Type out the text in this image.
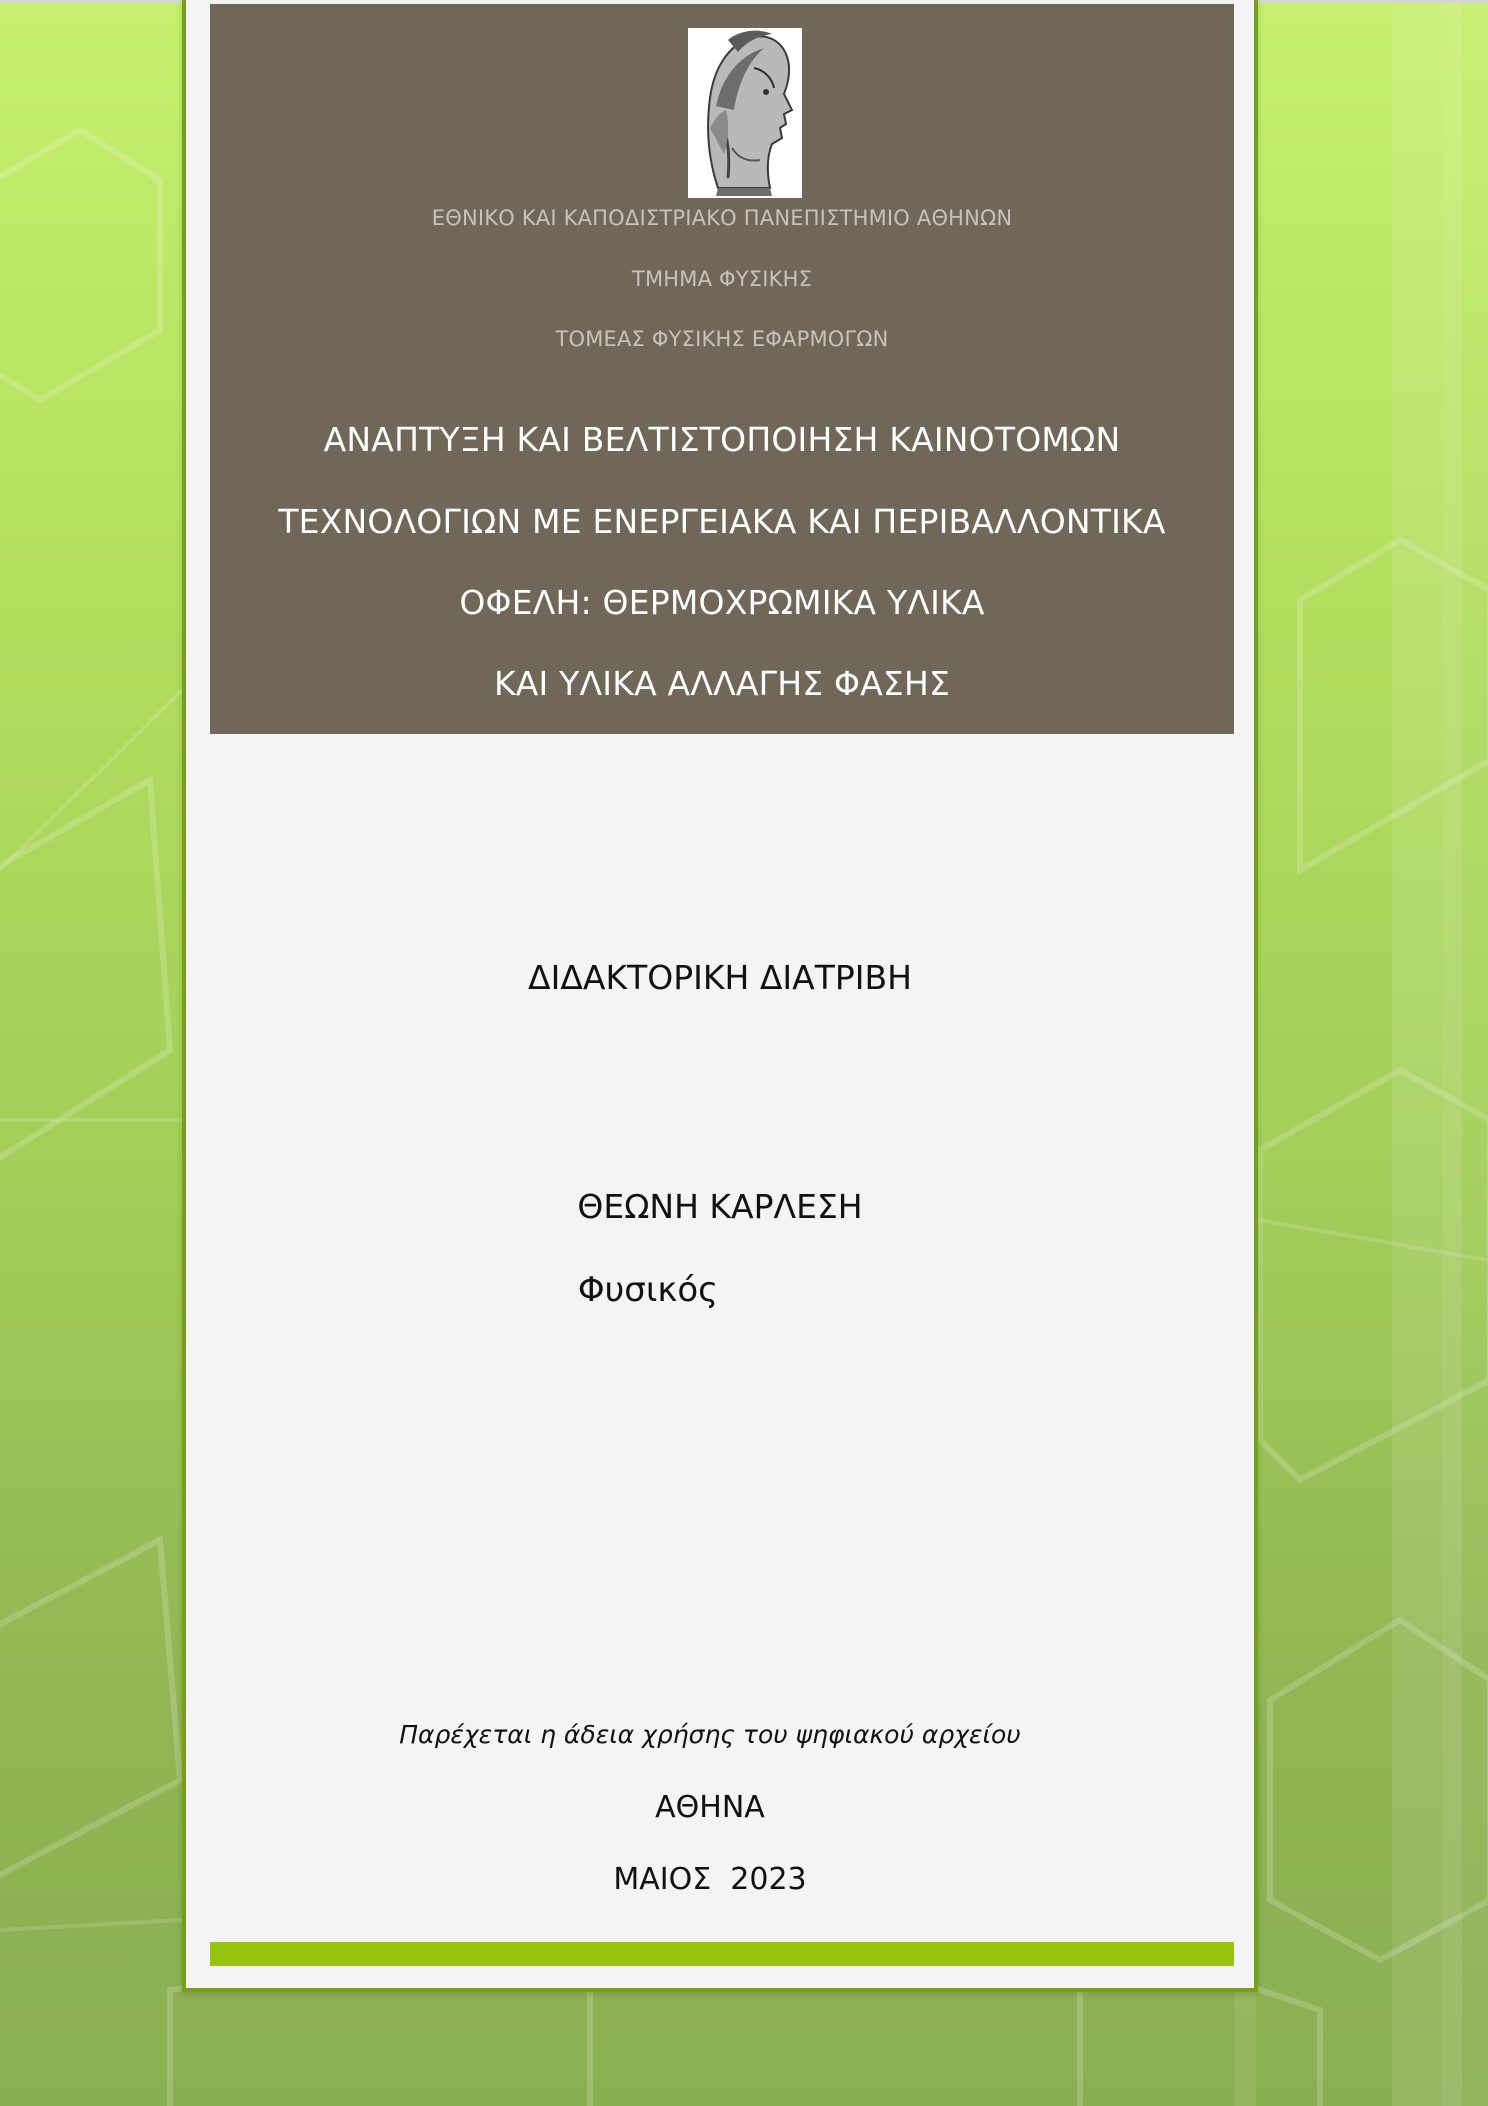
ΕΘΝΙΚΟ ΚΑΙ ΚΑΠΟΔΙΣΤΡΙΑΚΟ ΠΑΝΕΠΙΣΤΗΜΙΟ ΑΘΗΝΩΝ
ΤΜΗΜΑ ΦΥΣΙΚΗΣ
ΤΟΜΕΑΣ ΦΥΣΙΚΗΣ ΕΦΑΡΜΟΓΩΝ
ΑΝΑΠΤΥΞΗ ΚΑΙ ΒΕΛΤΙΣΤΟΠΟΙΗΣΗ ΚΑΙΝΟΤΟΜΩΝ
ΤΕΧΝΟΛΟΓΙΩΝ ΜΕ ΕΝΕΡΓΕΙΑΚΑ ΚΑΙ ΠΕΡΙΒΑΛΛΟΝΤΙΚΑ
ΟΦΕΛΗ: ΘΕΡΜΟΧΡΩΜΙΚΑ ΥΛΙΚΑ
ΚΑΙ ΥΛΙΚΑ ΑΛΛΑΓΗΣ ΦΑΣΗΣ
ΔΙΔΑΚΤΟΡΙΚΗ ΔΙΑΤΡΙΒΗ
ΘΕΩΝΗ ΚΑΡΛΕΣΗ
Φυσικός
Παρέχεται η άδεια χρήσης του ψηφιακού αρχείου
ΑΘΗΝΑ
ΜΑΙΟΣ  2023
